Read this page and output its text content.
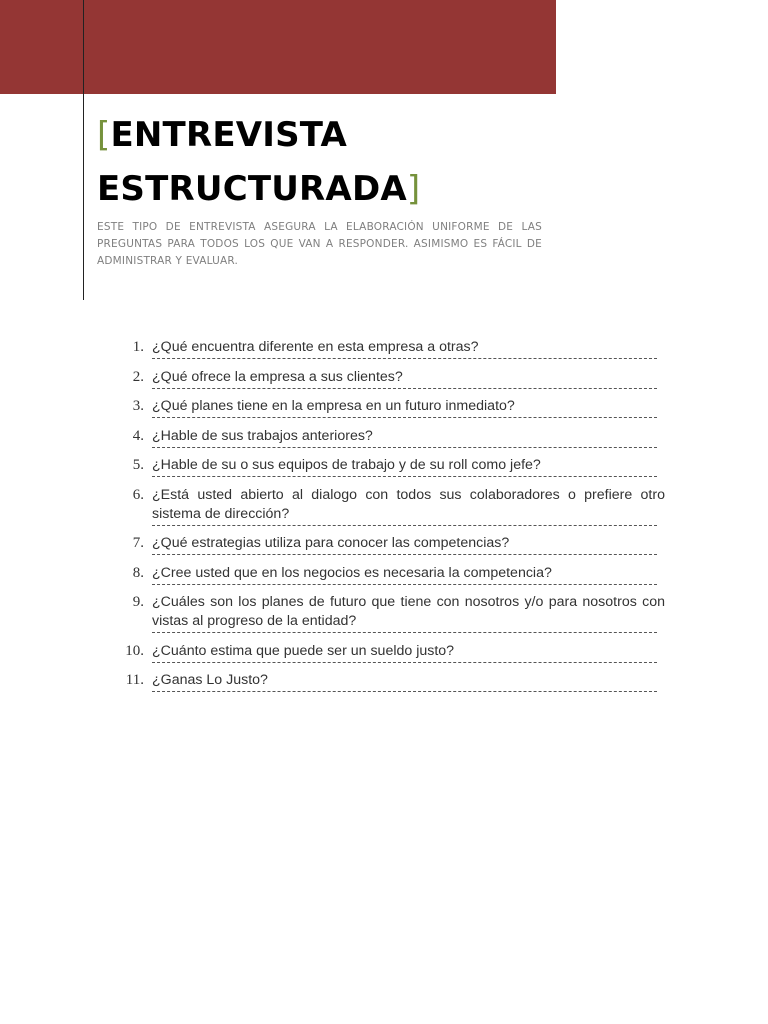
[ENTREVISTA ESTRUCTURADA]

ESTE TIPO DE ENTREVISTA ASEGURA LA ELABORACIÓN UNIFORME DE LAS PREGUNTAS PARA TODOS LOS QUE VAN A RESPONDER. ASIMISMO ES FÁCIL DE ADMINISTRAR Y EVALUAR.

1. ¿Qué encuentra diferente en esta empresa a otras?
2. ¿Qué ofrece la empresa a sus clientes?
3. ¿Qué planes tiene en la empresa en un futuro inmediato?
4. ¿Hable de sus trabajos anteriores?
5. ¿Hable de su o sus equipos de trabajo y de su roll como jefe?
6. ¿Está usted abierto al dialogo con todos sus colaboradores o prefiere otro sistema de dirección?
7. ¿Qué estrategias utiliza para conocer las competencias?
8. ¿Cree usted que en los negocios es necesaria la competencia?
9. ¿Cuáles son los planes de futuro que tiene con nosotros y/o para nosotros con vistas al progreso de la entidad?
10. ¿Cuánto estima que puede ser un sueldo justo?
11. ¿Ganas Lo Justo?
